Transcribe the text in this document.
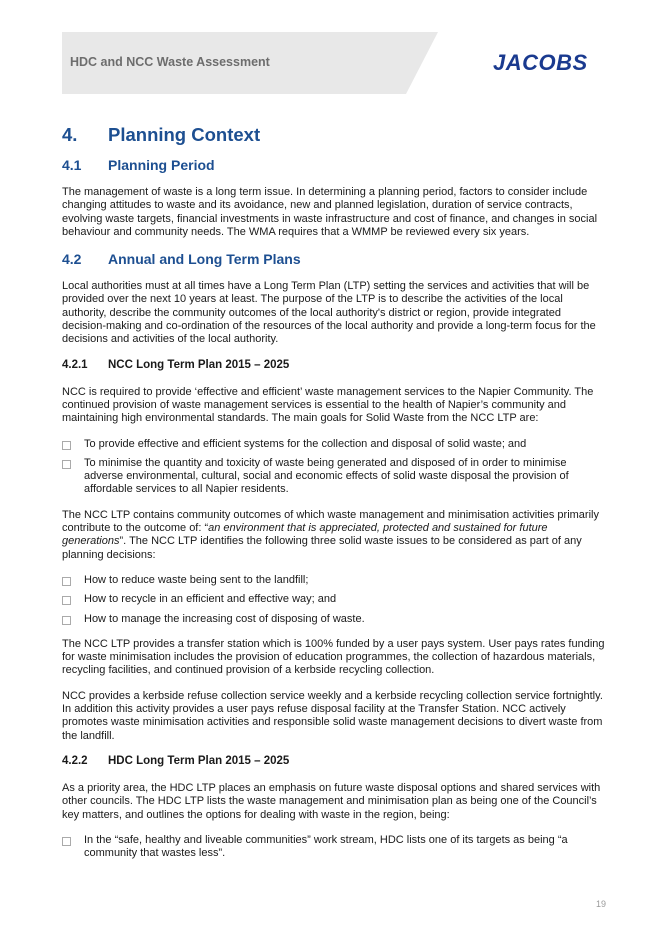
HDC and NCC Waste Assessment	JACOBS
4.	Planning Context
4.1	Planning Period

The management of waste is a long term issue. In determining a planning period, factors to consider include changing attitudes to waste and its avoidance, new and planned legislation, duration of service contracts, evolving waste targets, financial investments in waste infrastructure and cost of finance, and changes in social behaviour and community needs. The WMA requires that a WMMP be reviewed every six years.

4.2	Annual and Long Term Plans

Local authorities must at all times have a Long Term Plan (LTP) setting the services and activities that will be provided over the next 10 years at least. The purpose of the LTP is to describe the activities of the local authority, describe the community outcomes of the local authority's district or region, provide integrated decision-making and co-ordination of the resources of the local authority and provide a long-term focus for the decisions and activities of the local authority.

4.2.1	NCC Long Term Plan 2015 – 2025

NCC is required to provide ‘effective and efficient’ waste management services to the Napier Community. The continued provision of waste management services is essential to the health of Napier’s community and maintaining high environmental standards. The main goals for Solid Waste from the NCC LTP are:

To provide effective and efficient systems for the collection and disposal of solid waste; and
To minimise the quantity and toxicity of waste being generated and disposed of in order to minimise adverse environmental, cultural, social and economic effects of solid waste disposal the provision of affordable services to all Napier residents.

The NCC LTP contains community outcomes of which waste management and minimisation activities primarily contribute to the outcome of: “an environment that is appreciated, protected and sustained for future generations”. The NCC LTP identifies the following three solid waste issues to be considered as part of any planning decisions:

How to reduce waste being sent to the landfill;
How to recycle in an efficient and effective way; and
How to manage the increasing cost of disposing of waste.

The NCC LTP provides a transfer station which is 100% funded by a user pays system. User pays rates funding for waste minimisation includes the provision of education programmes, the collection of hazardous materials, recycling facilities, and continued provision of a kerbside recycling collection.

NCC provides a kerbside refuse collection service weekly and a kerbside recycling collection service fortnightly. In addition this activity provides a user pays refuse disposal facility at the Transfer Station. NCC actively promotes waste minimisation activities and responsible solid waste management decisions to divert waste from the landfill.

4.2.2	HDC Long Term Plan 2015 – 2025

As a priority area, the HDC LTP places an emphasis on future waste disposal options and shared services with other councils. The HDC LTP lists the waste management and minimisation plan as being one of the Council’s key matters, and outlines the options for dealing with waste in the region, being:

In the “safe, healthy and liveable communities” work stream, HDC lists one of its targets as being “a community that wastes less”.
19
